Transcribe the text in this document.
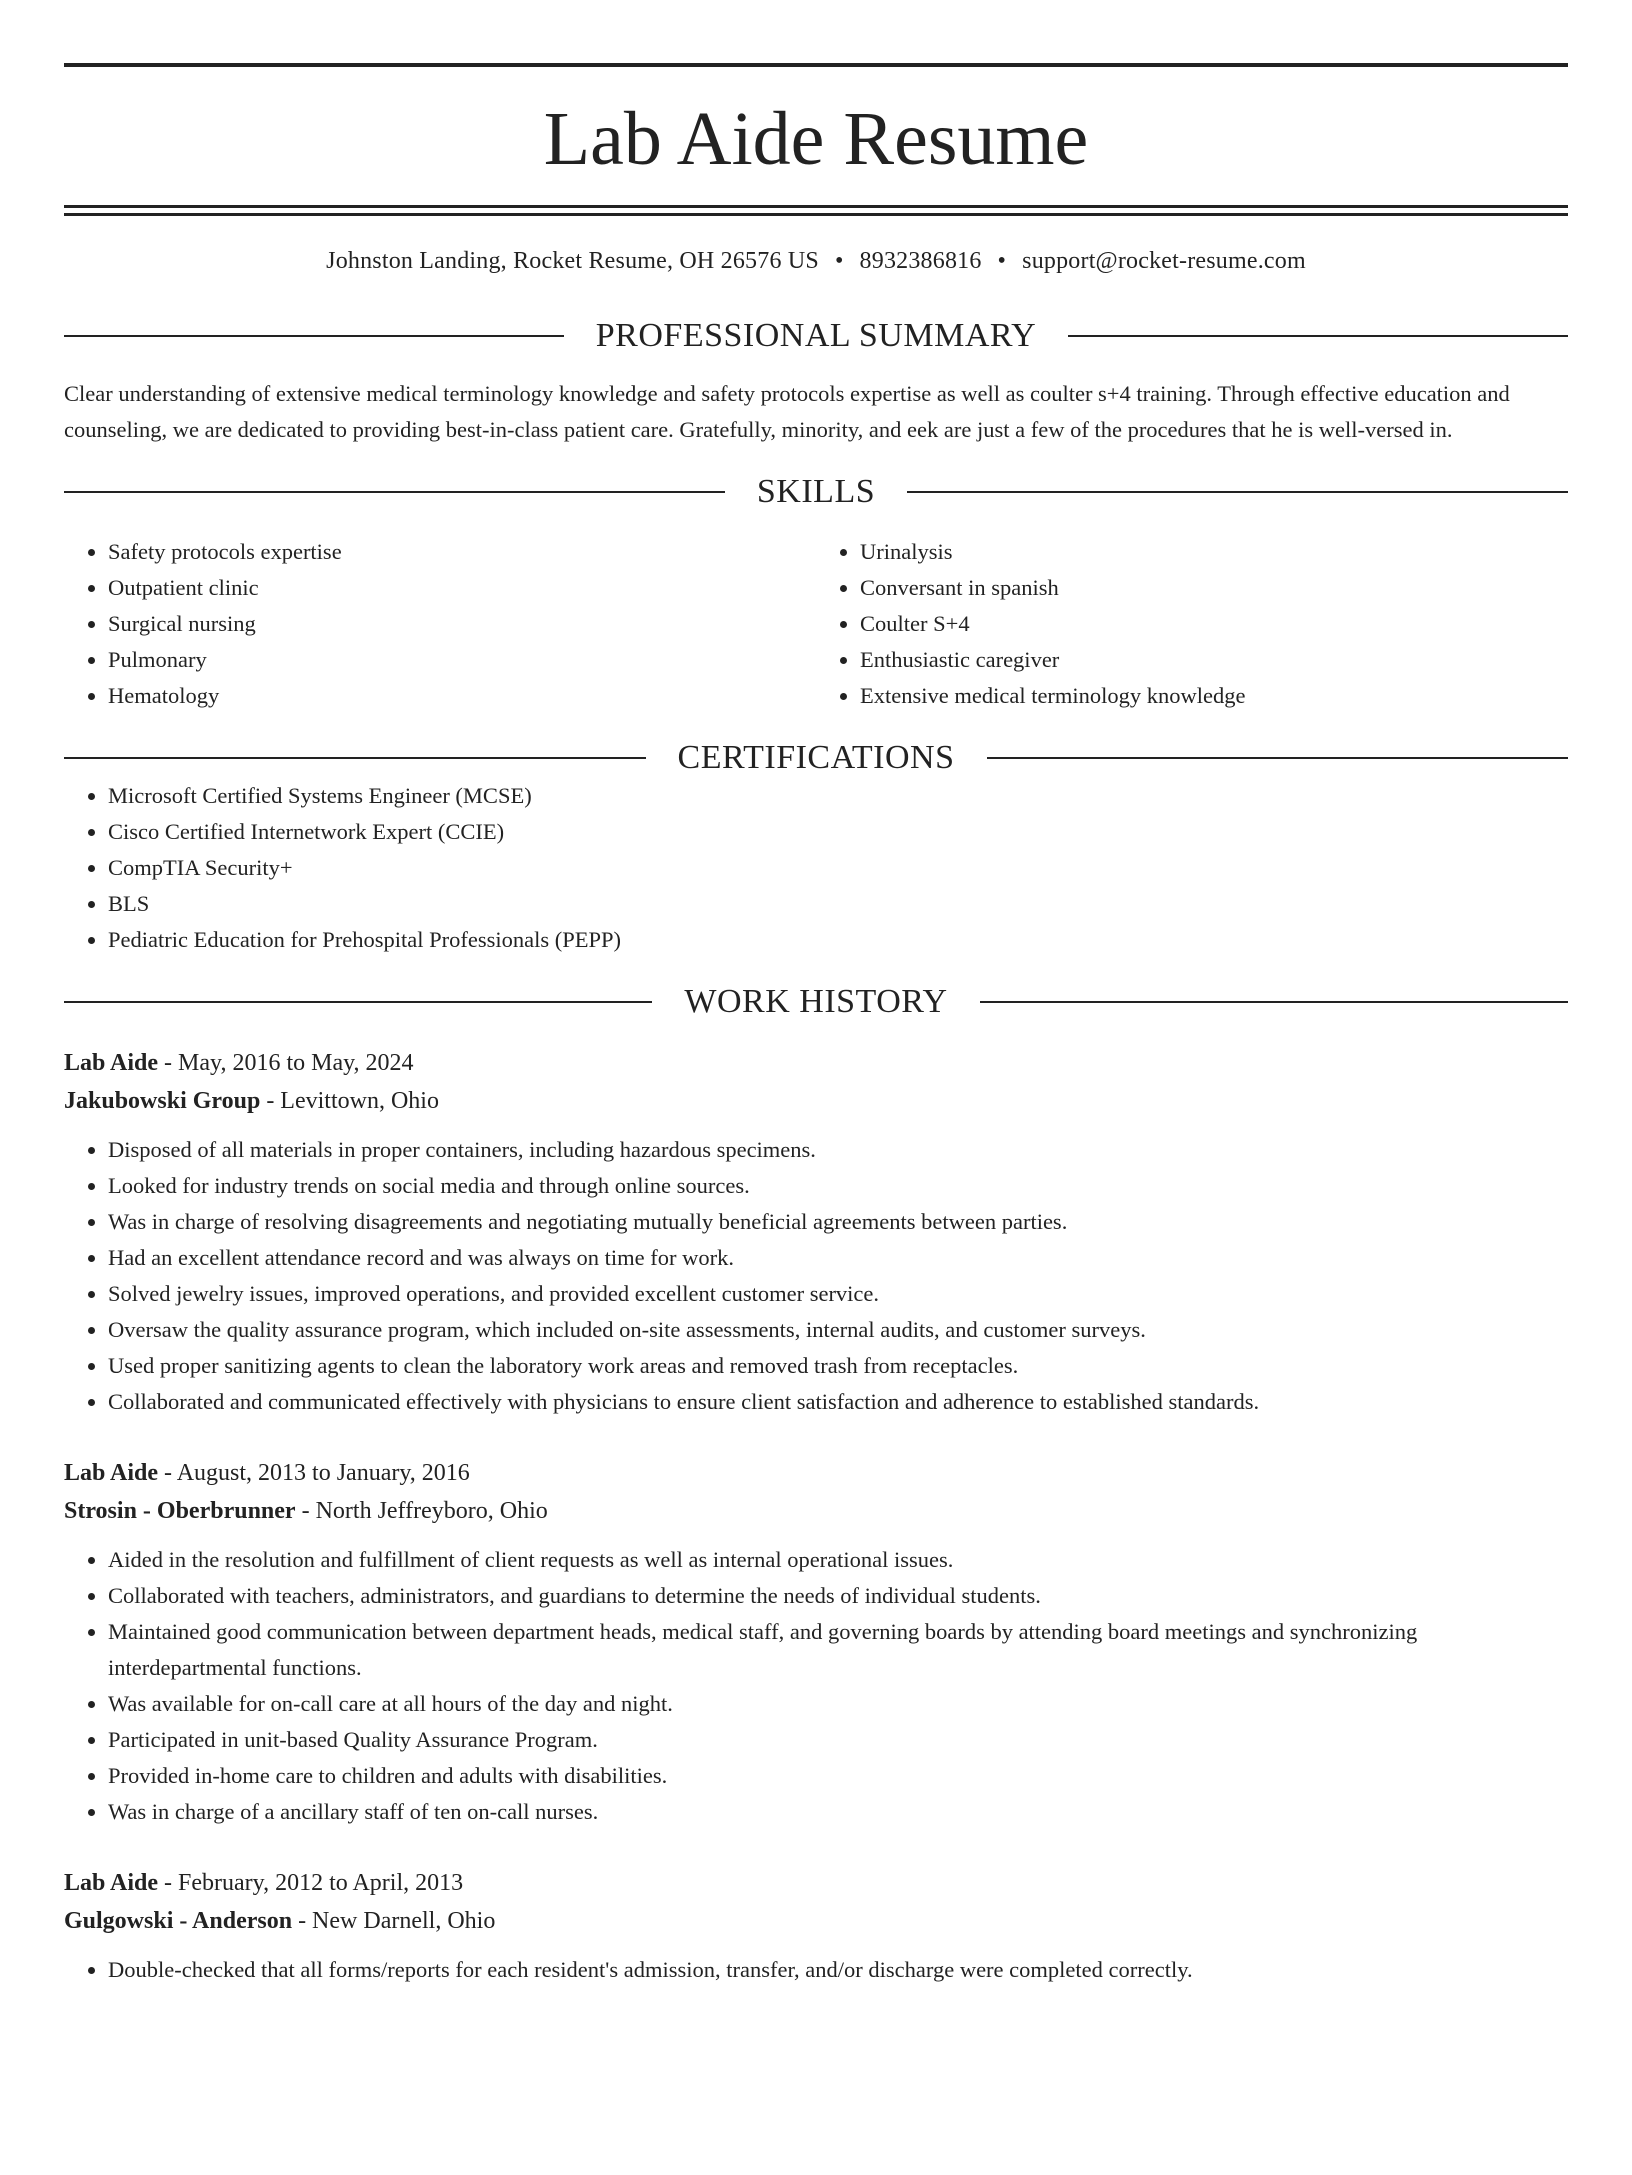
Lab Aide Resume
Johnston Landing, Rocket Resume, OH 26576 US • 8932386816 • support@rocket-resume.com
PROFESSIONAL SUMMARY
Clear understanding of extensive medical terminology knowledge and safety protocols expertise as well as coulter s+4 training. Through effective education and counseling, we are dedicated to providing best-in-class patient care. Gratefully, minority, and eek are just a few of the procedures that he is well-versed in.
SKILLS
• Safety protocols expertise
• Outpatient clinic
• Surgical nursing
• Pulmonary
• Hematology
• Urinalysis
• Conversant in spanish
• Coulter S+4
• Enthusiastic caregiver
• Extensive medical terminology knowledge
CERTIFICATIONS
• Microsoft Certified Systems Engineer (MCSE)
• Cisco Certified Internetwork Expert (CCIE)
• CompTIA Security+
• BLS
• Pediatric Education for Prehospital Professionals (PEPP)
WORK HISTORY
Lab Aide - May, 2016 to May, 2024
Jakubowski Group - Levittown, Ohio
• Disposed of all materials in proper containers, including hazardous specimens.
• Looked for industry trends on social media and through online sources.
• Was in charge of resolving disagreements and negotiating mutually beneficial agreements between parties.
• Had an excellent attendance record and was always on time for work.
• Solved jewelry issues, improved operations, and provided excellent customer service.
• Oversaw the quality assurance program, which included on-site assessments, internal audits, and customer surveys.
• Used proper sanitizing agents to clean the laboratory work areas and removed trash from receptacles.
• Collaborated and communicated effectively with physicians to ensure client satisfaction and adherence to established standards.
Lab Aide - August, 2013 to January, 2016
Strosin - Oberbrunner - North Jeffreyboro, Ohio
• Aided in the resolution and fulfillment of client requests as well as internal operational issues.
• Collaborated with teachers, administrators, and guardians to determine the needs of individual students.
• Maintained good communication between department heads, medical staff, and governing boards by attending board meetings and synchronizing interdepartmental functions.
• Was available for on-call care at all hours of the day and night.
• Participated in unit-based Quality Assurance Program.
• Provided in-home care to children and adults with disabilities.
• Was in charge of a ancillary staff of ten on-call nurses.
Lab Aide - February, 2012 to April, 2013
Gulgowski - Anderson - New Darnell, Ohio
• Double-checked that all forms/reports for each resident's admission, transfer, and/or discharge were completed correctly.
